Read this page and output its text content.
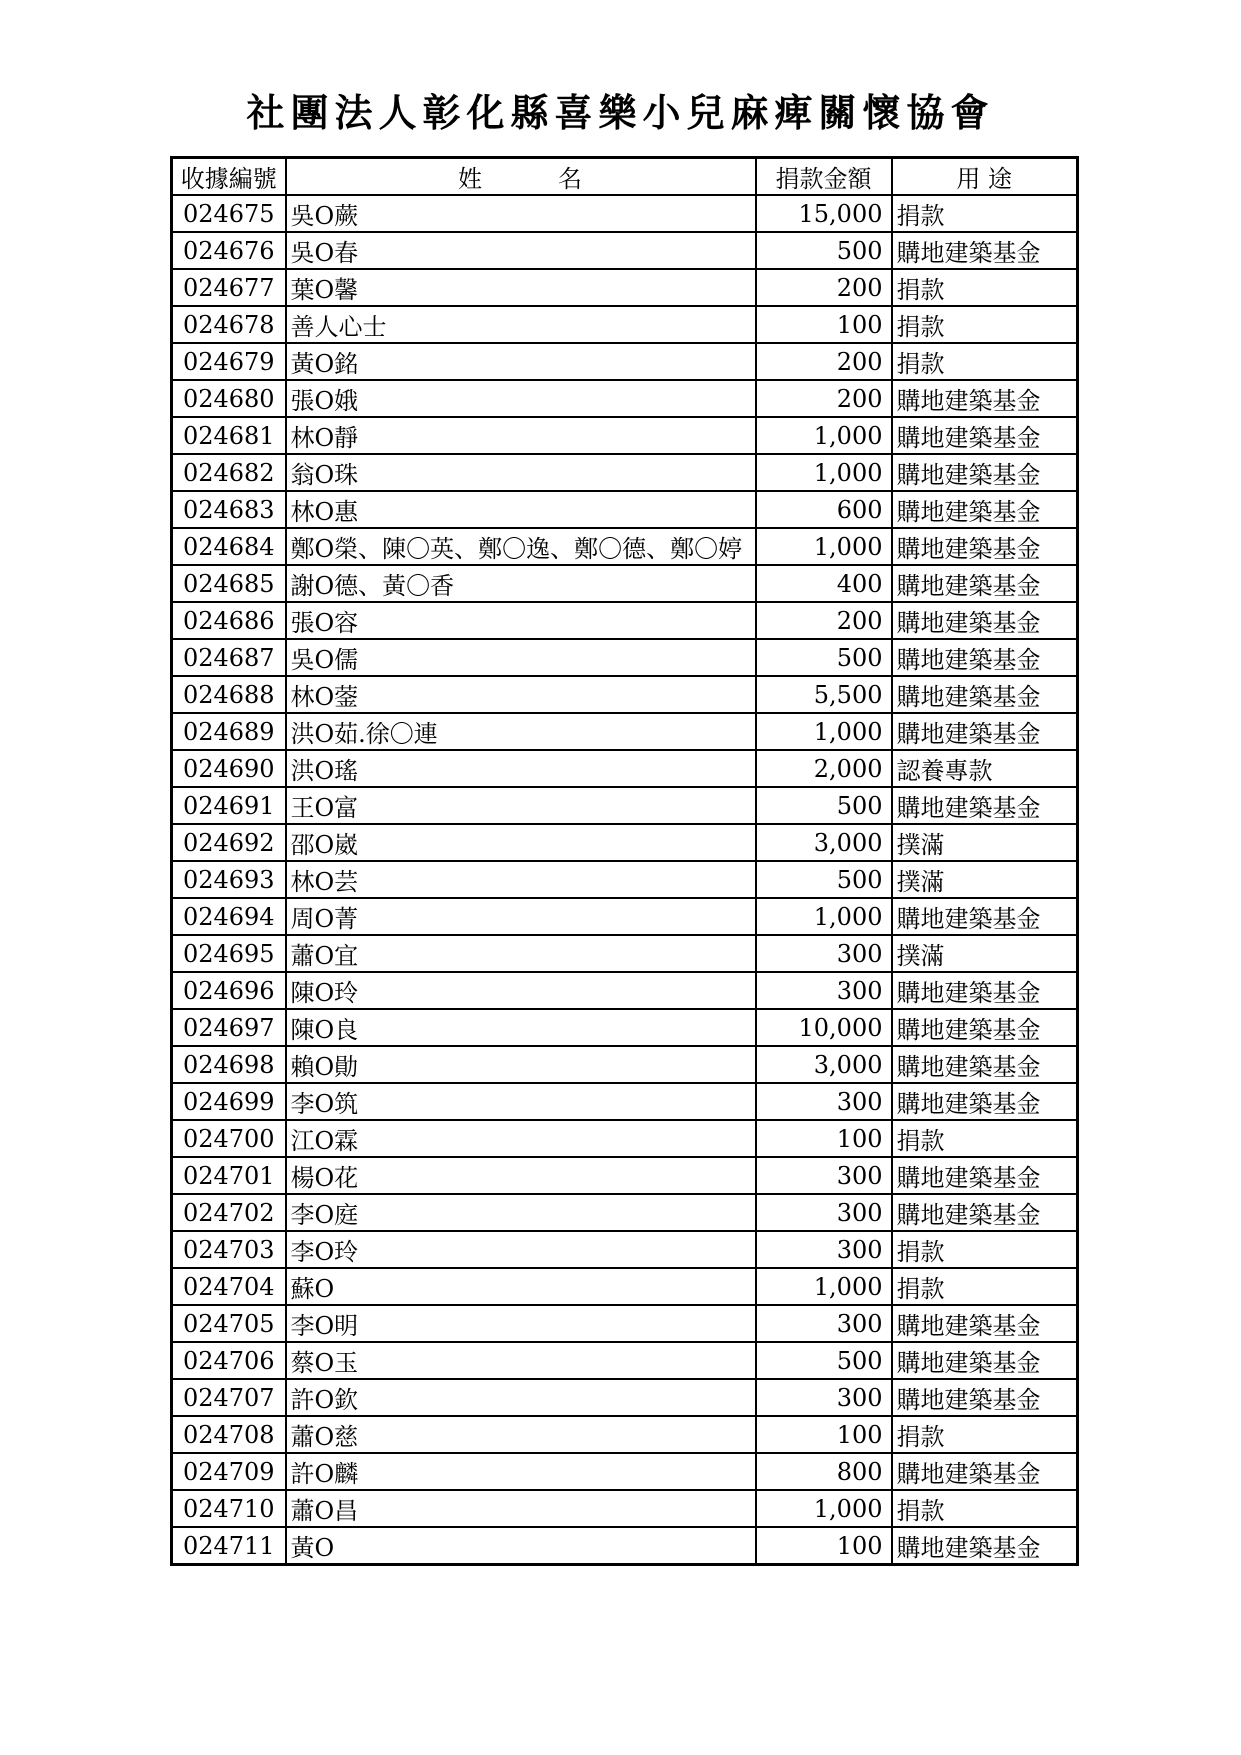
社團法人彰化縣喜樂小兒麻痺關懷協會
收據編號	姓　　　名	捐款金額	用 途
024675	吳O蕨	15,000	捐款
024676	吳O春	500	購地建築基金
024677	葉O馨	200	捐款
024678	善人心士	100	捐款
024679	黃O銘	200	捐款
024680	張O娥	200	購地建築基金
024681	林O靜	1,000	購地建築基金
024682	翁O珠	1,000	購地建築基金
024683	林O惠	600	購地建築基金
024684	鄭O榮、陳〇英、鄭〇逸、鄭〇德、鄭〇婷	1,000	購地建築基金
024685	謝O德、黃〇香	400	購地建築基金
024686	張O容	200	購地建築基金
024687	吳O儒	500	購地建築基金
024688	林O蓥	5,500	購地建築基金
024689	洪O茹.徐〇連	1,000	購地建築基金
024690	洪O瑤	2,000	認養專款
024691	王O富	500	購地建築基金
024692	邵O崴	3,000	撲滿
024693	林O芸	500	撲滿
024694	周O菁	1,000	購地建築基金
024695	蕭O宜	300	撲滿
024696	陳O玲	300	購地建築基金
024697	陳O良	10,000	購地建築基金
024698	賴O勛	3,000	購地建築基金
024699	李O筑	300	購地建築基金
024700	江O霖	100	捐款
024701	楊O花	300	購地建築基金
024702	李O庭	300	購地建築基金
024703	李O玲	300	捐款
024704	蘇O	1,000	捐款
024705	李O明	300	購地建築基金
024706	蔡O玉	500	購地建築基金
024707	許O欽	300	購地建築基金
024708	蕭O慈	100	捐款
024709	許O麟	800	購地建築基金
024710	蕭O昌	1,000	捐款
024711	黃O	100	購地建築基金
